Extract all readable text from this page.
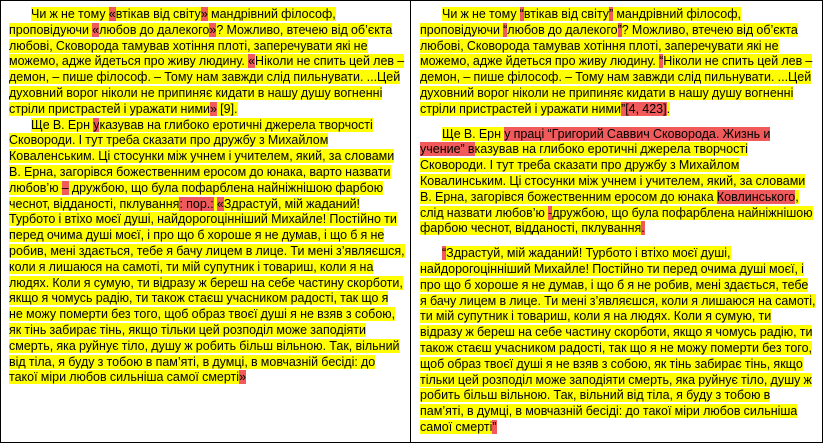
Чи ж не тому «втікав від світу» мандрівний філософ, проповідуючи «любов до далекого»? Можливо, втечею від об’єкта любові, Сковорода тамував хотіння плоті, заперечувати які не можемо, адже йдеться про живу людину. «Ніколи не спить цей лев – демон, – пише філософ. – Тому нам завжди слід пильнувати. ...Цей духовний ворог ніколи не припиняє кидати в нашу душу вогненні стріли пристрастей і уражати ними» [9].

Ще В. Ерн указував на глибоко еротичні джерела творчості Сковороди. І тут треба сказати про дружбу з Михайлом Коваленським. Ці стосунки між учнем і учителем, який, за словами В. Ерна, загорівся божественним еросом до юнака, варто назвати любов’ю – дружбою, що була пофарблена найніжнішою фарбою чеснот, відданості, пклування: пор.: «Здрастуй, мій жаданий! Турбото і втіхо моєї душі, найдорогоцінніший Михайле! Постійно ти перед очима душі моєї, і про що б хороше я не думав, і що б я не робив, мені здається, тебе я бачу лицем в лице. Ти мені з’являєшся, коли я лишаюся на самоті, ти мій супутник і товариш, коли я на людях. Коли я сумую, ти відразу ж береш на себе частину скорботи, якщо я чомусь радію, ти також стаєш учасником радості, так що я не можу померти без того, щоб образ твоєї душі я не взяв з собою, як тінь забирає тінь, якщо тільки цей розподіл може заподіяти смерть, яка руйнує тіло, душу ж робить більш вільною. Так, вільний від тіла, я буду з тобою в пам’яті, в думці, в мовчазній бесіді: до такої міри любов сильніша самої смерті»

Чи ж не тому “втікав від світу” мандрівний філософ, проповідуючи “любов до далекого”? Можливо, втечею від об’єкта любові, Сковорода тамував хотіння плоті, заперечувати які не можемо, адже йдеться про живу людину. “Ніколи не спить цей лев – демон, – пише філософ. – Тому нам завжди слід пильнувати. ...Цей духовний ворог ніколи не припиняє кидати в нашу душу вогненні стріли пристрастей і уражати ними”[4, 423].

Ще В. Ерн у праці “Григорий Саввич Сковорода. Жизнь и учение” вказував на глибоко еротичні джерела творчості Сковороди. І тут треба сказати про дружбу з Михайлом Ковалинським. Ці стосунки між учнем і учителем, який, за словами В. Ерна, загорівся божественним еросом до юнака Ковлинського, слід назвати любов’ю -дружбою, що була пофарблена найніжнішою фарбою чеснот, відданості, пклування.

“Здрастуй, мій жаданий! Турбото і втіхо моєї душі, найдорогоцінніший Михайле! Постійно ти перед очима душі моєї, і про що б хороше я не думав, і що б я не робив, мені здається, тебе я бачу лицем в лице. Ти мені з’являєшся, коли я лишаюся на самоті, ти мій супутник і товариш, коли я на людях. Коли я сумую, ти відразу ж береш на себе частину скорботи, якщо я чомусь радію, ти також стаєш учасником радості, так що я не можу померти без того, щоб образ твоєї душі я не взяв з собою, як тінь забирає тінь, якщо тільки цей розподіл може заподіяти смерть, яка руйнує тіло, душу ж робить більш вільною. Так, вільний від тіла, я буду з тобою в пам’яті, в думці, в мовчазній бесіді: до такої міри любов сильніша самої смерті”
